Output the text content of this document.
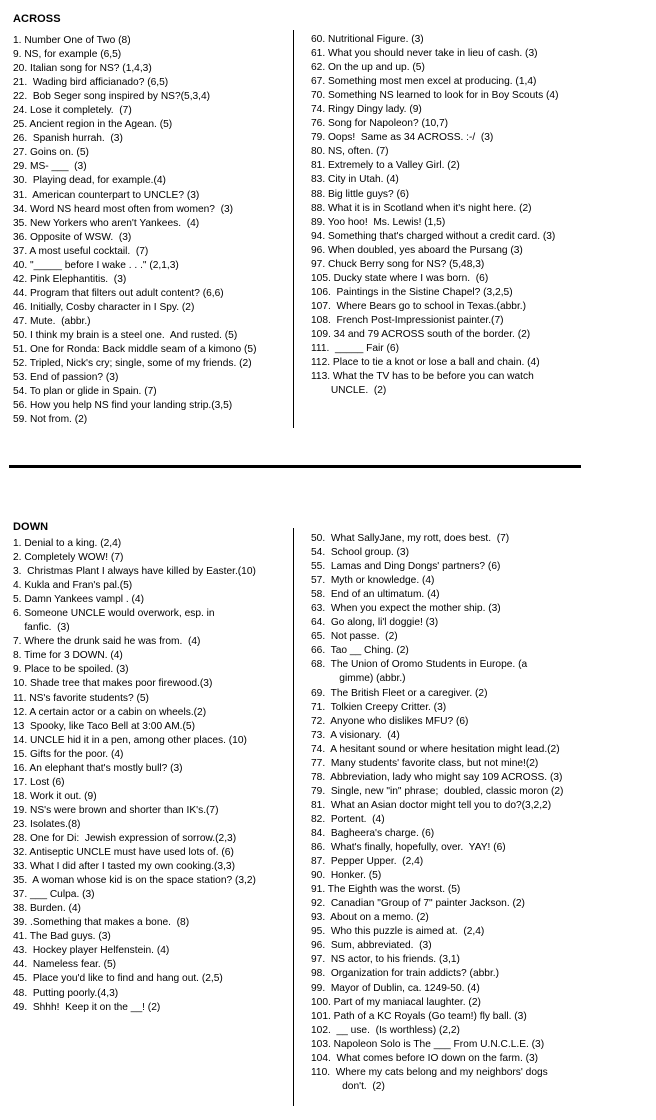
ACROSS
1. Number One of Two (8)
9. NS, for example (6,5)
20. Italian song for NS? (1,4,3)
21.  Wading bird afficianado? (6,5)
22.  Bob Seger song inspired by NS?(5,3,4)
24. Lose it completely.  (7)
25. Ancient region in the Agean. (5)
26.  Spanish hurrah.  (3)
27. Goins on. (5)
29. MS- ___  (3)
30.  Playing dead, for example.(4)
31.  American counterpart to UNCLE? (3)
34. Word NS heard most often from women?  (3)
35. New Yorkers who aren't Yankees.  (4)
36. Opposite of WSW.  (3)
37. A most useful cocktail.  (7)
40. "_____ before I wake . . ." (2,1,3)
42. Pink Elephantitis.  (3)
44. Program that filters out adult content? (6,6)
46. Initially, Cosby character in I Spy. (2)
47. Mute.  (abbr.)
50. I think my brain is a steel one.  And rusted. (5)
51. One for Ronda: Back middle seam of a kimono (5)
52. Tripled, Nick's cry; single, some of my friends. (2)
53. End of passion? (3)
54. To plan or glide in Spain. (7)
56. How you help NS find your landing strip.(3,5)
59. Not from. (2)
60. Nutritional Figure. (3)
61. What you should never take in lieu of cash. (3)
62. On the up and up. (5)
67. Something most men excel at producing. (1,4)
70. Something NS learned to look for in Boy Scouts (4)
74. Ringy Dingy lady. (9)
76. Song for Napoleon? (10,7)
79. Oops!  Same as 34 ACROSS. :-/  (3)
80. NS, often. (7)
81. Extremely to a Valley Girl. (2)
83. City in Utah. (4)
88. Big little guys? (6)
88. What it is in Scotland when it's night here. (2)
89. Yoo hoo!  Ms. Lewis! (1,5)
94. Something that's charged without a credit card. (3)
96. When doubled, yes aboard the Pursang (3)
97. Chuck Berry song for NS? (5,48,3)
105. Ducky state where I was born.  (6)
106.  Paintings in the Sistine Chapel? (3,2,5)
107.  Where Bears go to school in Texas.(abbr.)
108.  French Post-Impressionist painter.(7)
109. 34 and 79 ACROSS south of the border. (2)
111.  _____ Fair (6)
112. Place to tie a knot or lose a ball and chain. (4)
113. What the TV has to be before you can watch
UNCLE.  (2)
DOWN
1. Denial to a king. (2,4)
2. Completely WOW! (7)
3.  Christmas Plant I always have killed by Easter.(10)
4. Kukla and Fran's pal.(5)
5. Damn Yankees vampl . (4)
6. Someone UNCLE would overwork, esp. in
fanfic.  (3)
7. Where the drunk said he was from.  (4)
8. Time for 3 DOWN. (4)
9. Place to be spoiled. (3)
10. Shade tree that makes poor firewood.(3)
11. NS's favorite students? (5)
12. A certain actor or a cabin on wheels.(2)
13  Spooky, like Taco Bell at 3:00 AM.(5)
14. UNCLE hid it in a pen, among other places. (10)
15. Gifts for the poor. (4)
16. An elephant that's mostly bull? (3)
17. Lost (6)
18. Work it out. (9)
19. NS's were brown and shorter than IK's.(7)
23. Isolates.(8)
28. One for Di:  Jewish expression of sorrow.(2,3)
32. Antiseptic UNCLE must have used lots of. (6)
33. What I did after I tasted my own cooking.(3,3)
35.  A woman whose kid is on the space station? (3,2)
37. ___ Culpa. (3)
38. Burden. (4)
39. .Something that makes a bone.  (8)
41. The Bad guys. (3)
43.  Hockey player Helfenstein. (4)
44.  Nameless fear. (5)
45.  Place you'd like to find and hang out. (2,5)
48.  Putting poorly.(4,3)
49.  Shhh!  Keep it on the __! (2)
50.  What SallyJane, my rott, does best.  (7)
54.  School group. (3)
55.  Lamas and Ding Dongs' partners? (6)
57.  Myth or knowledge. (4)
58.  End of an ultimatum. (4)
63.  When you expect the mother ship. (3)
64.  Go along, li'l doggie! (3)
65.  Not passe.  (2)
66.  Tao __ Ching. (2)
68.  The Union of Oromo Students in Europe. (a
gimme) (abbr.)
69.  The British Fleet or a caregiver. (2)
71.  Tolkien Creepy Critter. (3)
72.  Anyone who dislikes MFU? (6)
73.  A visionary.  (4)
74.  A hesitant sound or where hesitation might lead.(2)
77.  Many students' favorite class, but not mine!(2)
78.  Abbreviation, lady who might say 109 ACROSS. (3)
79.  Single, new "in" phrase;  doubled, classic moron (2)
81.  What an Asian doctor might tell you to do?(3,2,2)
82.  Portent.  (4)
84.  Bagheera's charge. (6)
86.  What's finally, hopefully, over.  YAY! (6)
87.  Pepper Upper.  (2,4)
90.  Honker. (5)
91. The Eighth was the worst. (5)
92.  Canadian "Group of 7" painter Jackson. (2)
93.  About on a memo. (2)
95.  Who this puzzle is aimed at.  (2,4)
96.  Sum, abbreviated.  (3)
97.  NS actor, to his friends. (3,1)
98.  Organization for train addicts? (abbr.)
99.  Mayor of Dublin, ca. 1249-50. (4)
100. Part of my maniacal laughter. (2)
101. Path of a KC Royals (Go team!) fly ball. (3)
102.  __ use.  (Is worthless) (2,2)
103. Napoleon Solo is The ___ From U.N.C.L.E. (3)
104.  What comes before IO down on the farm. (3)
110.  Where my cats belong and my neighbors' dogs
don't.  (2)
